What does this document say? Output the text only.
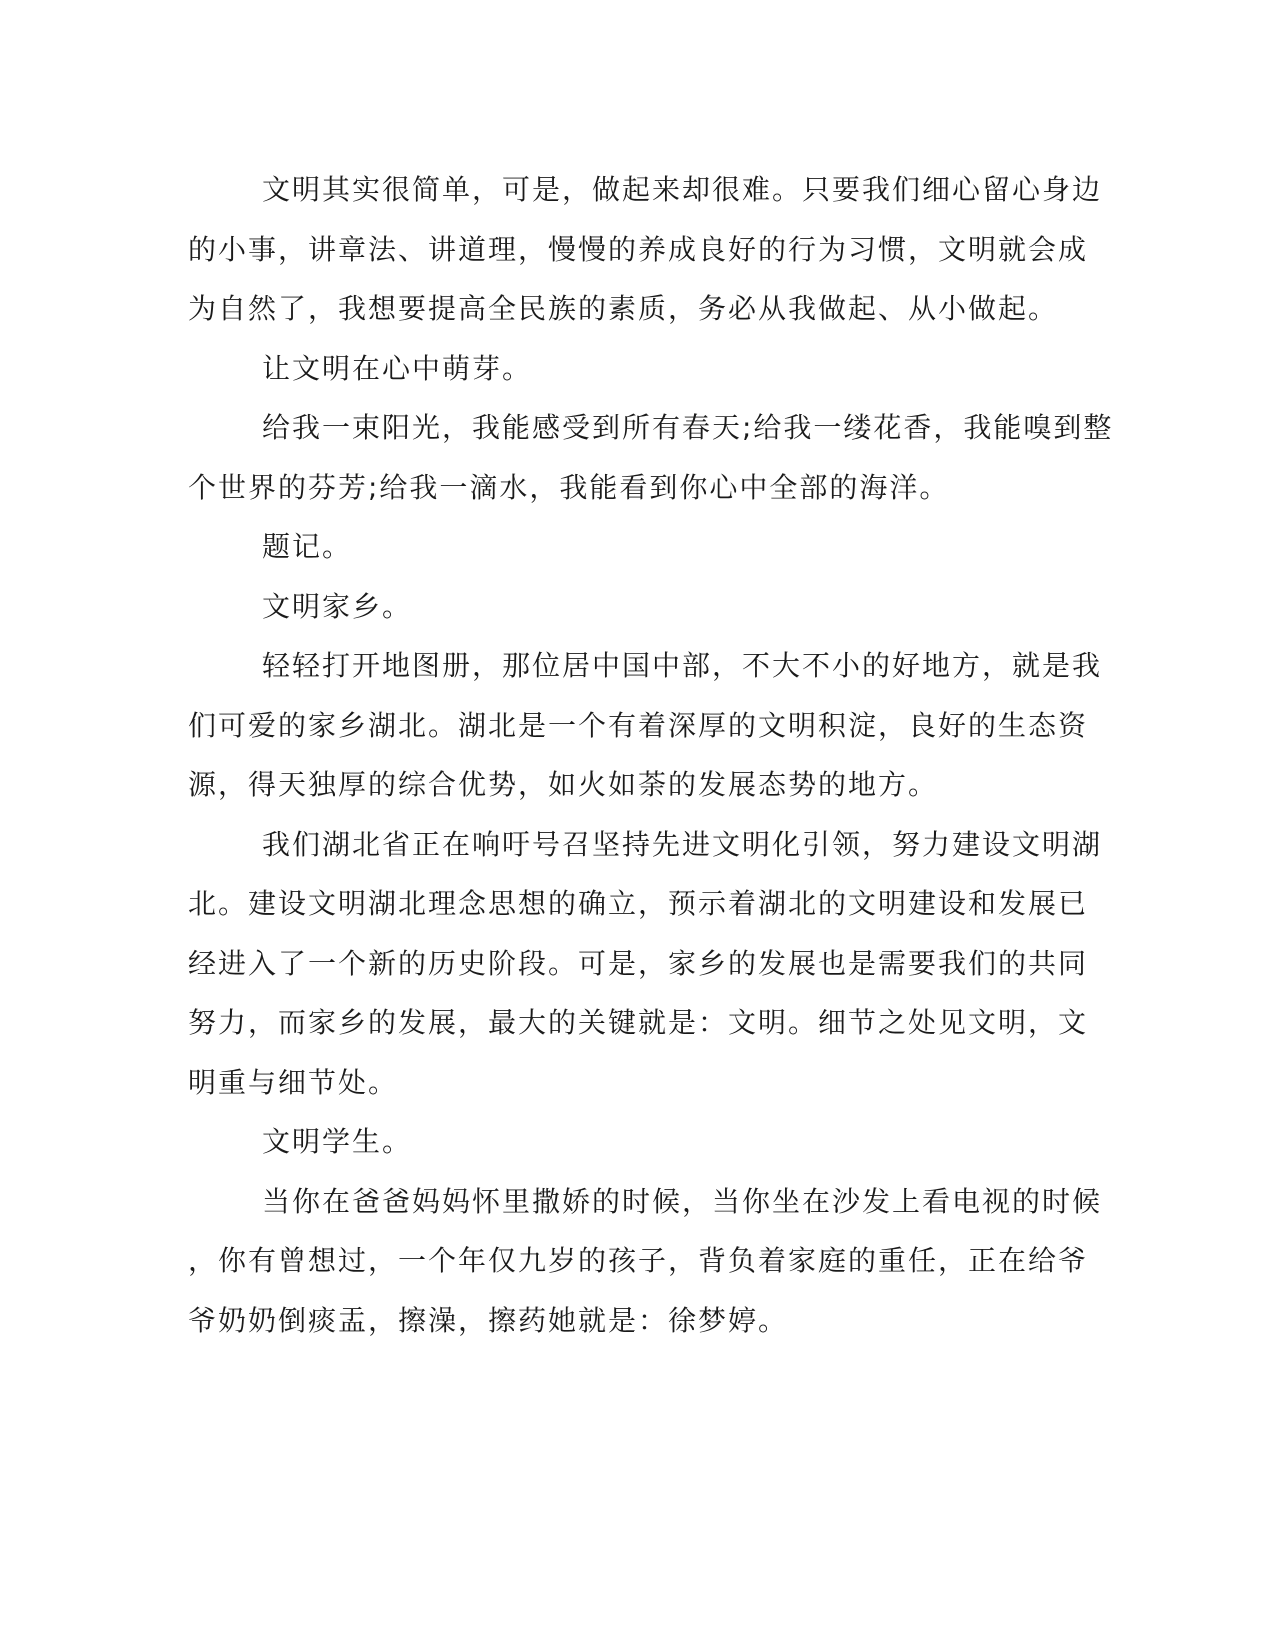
文明其实很简单，可是，做起来却很难。只要我们细心留心身边
的小事，讲章法、讲道理，慢慢的养成良好的行为习惯，文明就会成
为自然了，我想要提高全民族的素质，务必从我做起、从小做起。

让文明在心中萌芽。

给我一束阳光，我能感受到所有春天;给我一缕花香，我能嗅到整
个世界的芬芳;给我一滴水，我能看到你心中全部的海洋。

题记。

文明家乡。

轻轻打开地图册，那位居中国中部，不大不小的好地方，就是我
们可爱的家乡湖北。湖北是一个有着深厚的文明积淀，良好的生态资
源，得天独厚的综合优势，如火如荼的发展态势的地方。

我们湖北省正在响吁号召坚持先进文明化引领，努力建设文明湖
北。建设文明湖北理念思想的确立，预示着湖北的文明建设和发展已
经进入了一个新的历史阶段。可是，家乡的发展也是需要我们的共同
努力，而家乡的发展，最大的关键就是：文明。细节之处见文明，文
明重与细节处。

文明学生。

当你在爸爸妈妈怀里撒娇的时候，当你坐在沙发上看电视的时候
，你有曾想过，一个年仅九岁的孩子，背负着家庭的重任，正在给爷
爷奶奶倒痰盂，擦澡，擦药她就是：徐梦婷。
